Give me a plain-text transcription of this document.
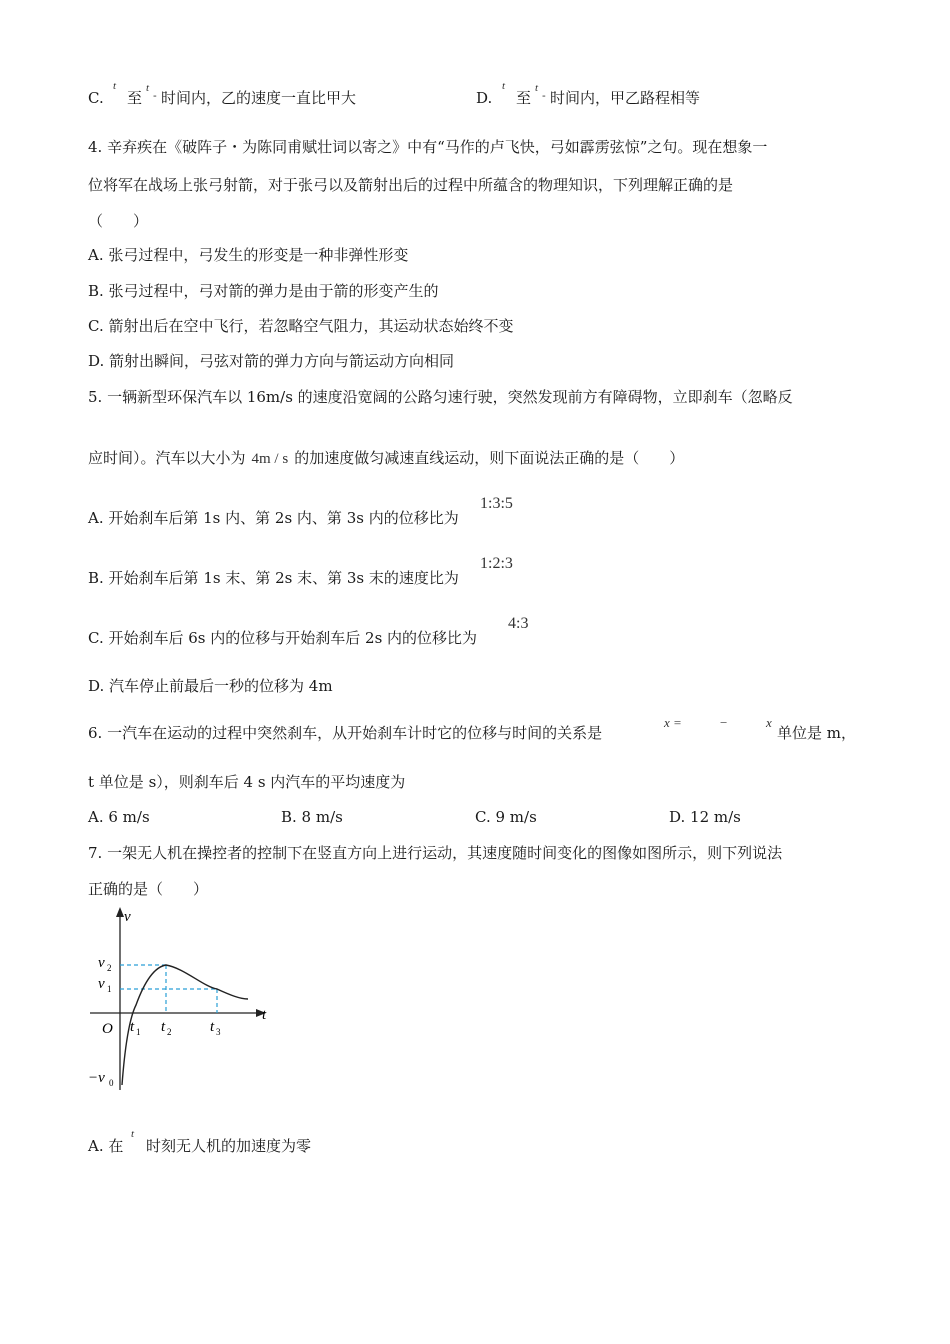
C.
t
至
t
- 时间内，乙的速度一直比甲大	D.
t
至
t
- 时间内，甲乙路程相等
4. 辛弃疾在《破阵子・为陈同甫赋壮词以寄之》中有“马作的卢飞快，弓如霹雳弦惊”之句。现在想象一
位将军在战场上张弓射箭，对于张弓以及箭射出后的过程中所蕴含的物理知识，下列理解正确的是
（　　）
A. 张弓过程中，弓发生的形变是一种非弹性形变
B. 张弓过程中，弓对箭的弹力是由于箭的形变产生的
C. 箭射出后在空中飞行，若忽略空气阻力，其运动状态始终不变
D. 箭射出瞬间，弓弦对箭的弹力方向与箭运动方向相同
5. 一辆新型环保汽车以 16m/s 的速度沿宽阔的公路匀速行驶，突然发现前方有障碍物，立即刹车（忽略反
应时间）。汽车以大小为 4m / s 的加速度做匀减速直线运动，则下面说法正确的是（　　）
A. 开始刹车后第 1s 内、第 2s 内、第 3s 内的位移比为
1:3:5
B. 开始刹车后第 1s 末、第 2s 末、第 3s 末的速度比为
1:2:3
C. 开始刹车后 6s 内的位移与开始刹车后 2s 内的位移比为
4:3
D. 汽车停止前最后一秒的位移为 4m
6. 一汽车在运动的过程中突然刹车，从开始刹车计时它的位移与时间的关系是
x =	−	x
单位是 m，
t 单位是 s），则刹车后 4 s 内汽车的平均速度为
A. 6 m/s	B. 8 m/s	C. 9 m/s	D. 12 m/s
7. 一架无人机在操控者的控制下在竖直方向上进行运动，其速度随时间变化的图像如图所示，则下列说法
正确的是（　　）
v
t
O
v 2
v 1
t 1 t 2	t 3
−v 0
A. 在
t
时刻无人机的加速度为零
